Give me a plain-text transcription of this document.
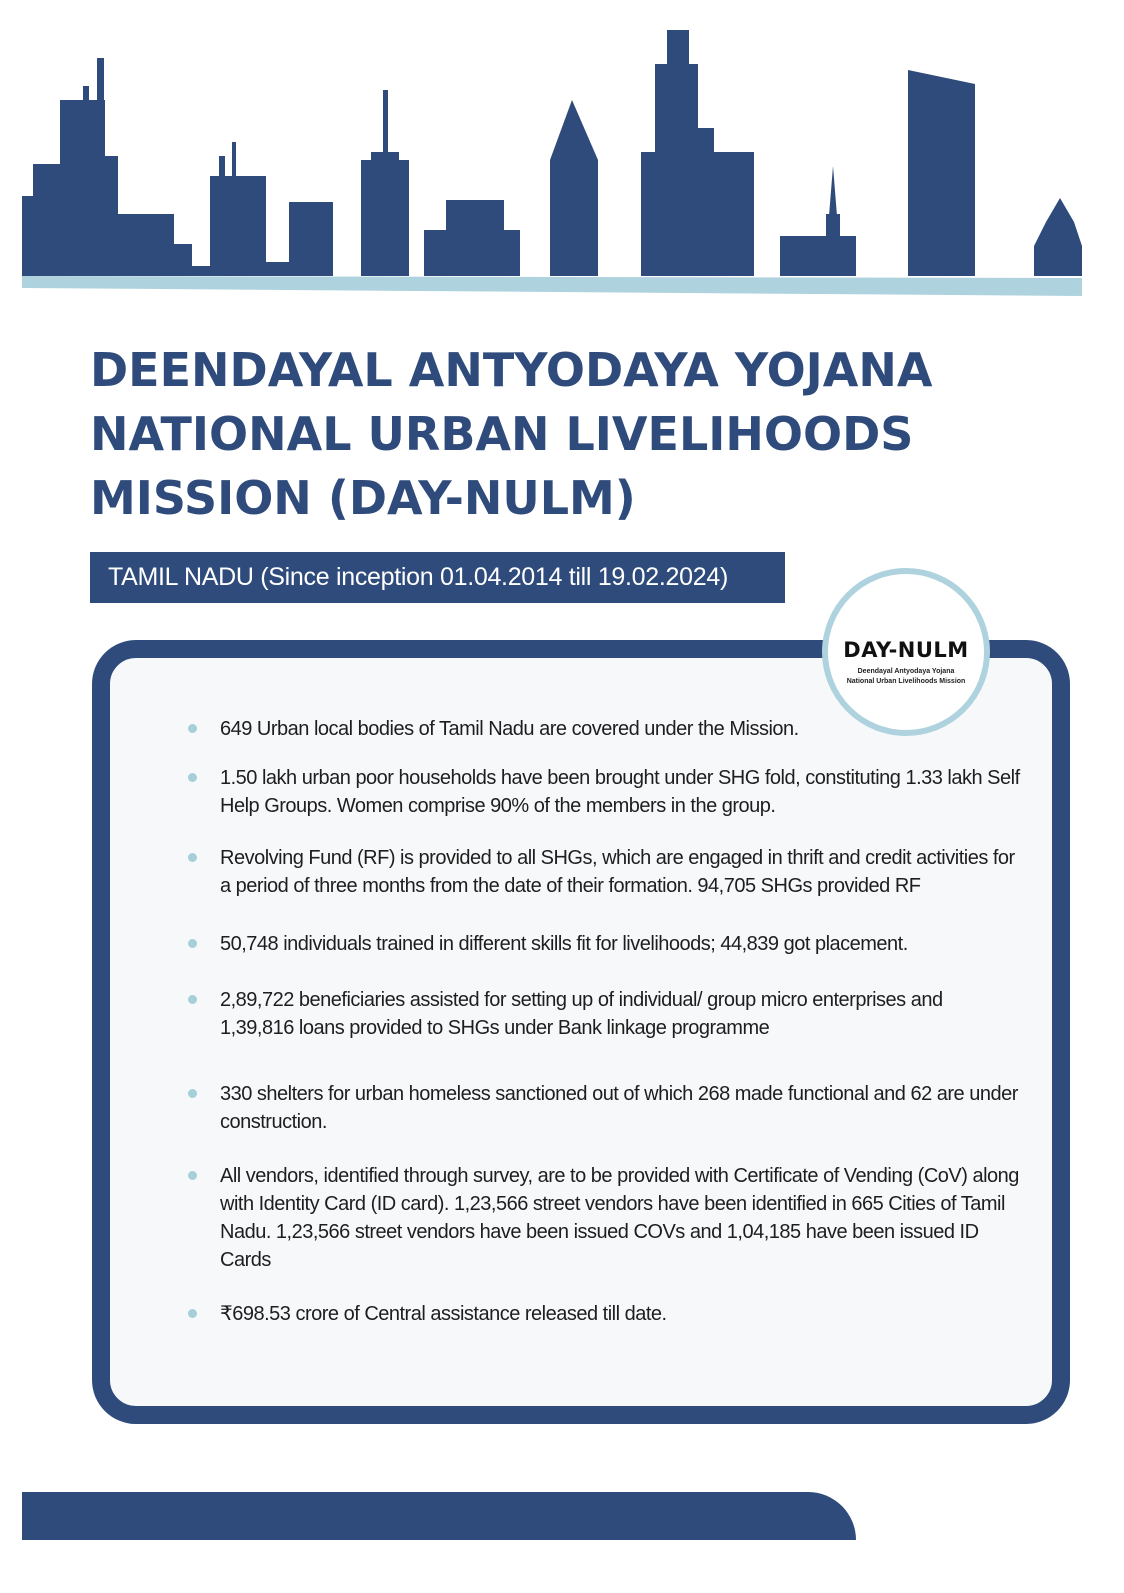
DEENDAYAL ANTYODAYA YOJANA
NATIONAL URBAN LIVELIHOODS
MISSION (DAY-NULM)
TAMIL NADU (Since inception 01.04.2014 till 19.02.2024)
DAY-NULM
Deendayal Antyodaya Yojana
National Urban Livelihoods Mission
649 Urban local bodies of Tamil Nadu are covered under the Mission.
1.50 lakh urban poor households have been brought under SHG fold, constituting 1.33 lakh Self Help Groups. Women comprise 90% of the members in the group.
Revolving Fund (RF) is provided to all SHGs, which are engaged in thrift and credit activities for a period of three months from the date of their formation. 94,705 SHGs provided RF
50,748 individuals trained in different skills fit for livelihoods; 44,839 got placement.
2,89,722 beneficiaries assisted for setting up of individual/ group micro enterprises and 1,39,816 loans provided to SHGs under Bank linkage programme
330 shelters for urban homeless sanctioned out of which 268 made functional and 62 are under construction.
All vendors, identified through survey, are to be provided with Certificate of Vending (CoV) along with Identity Card (ID card). 1,23,566 street vendors have been identified in 665 Cities of Tamil Nadu. 1,23,566 street vendors have been issued COVs and 1,04,185 have been issued ID Cards
₹698.53 crore of Central assistance released till date.
